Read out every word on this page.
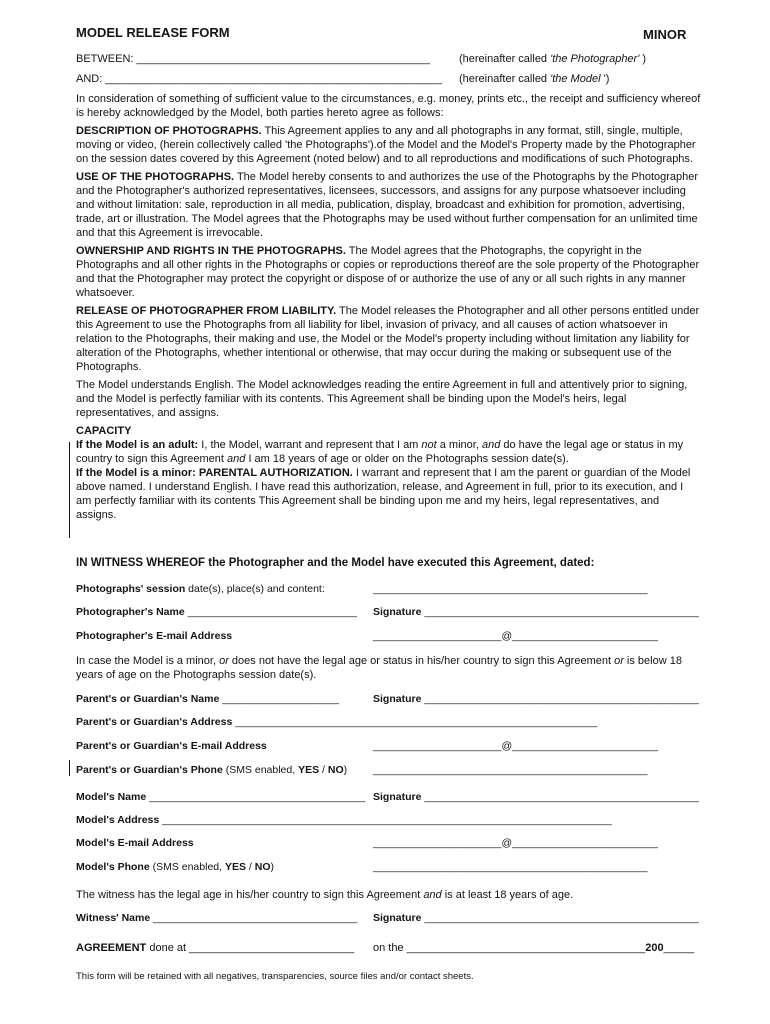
MODEL RELEASE FORM	MINOR
BETWEEN: ________________________________________________	(hereinafter called 'the Photographer' )
AND: _______________________________________________________ (hereinafter called 'the Model ')

In consideration of something of sufficient value to the circumstances, e.g. money, prints etc., the receipt and sufficiency whereof is hereby acknowledged by the Model, both parties hereto agree as follows:

DESCRIPTION OF PHOTOGRAPHS. This Agreement applies to any and all photographs in any format, still, single, multiple, moving or video, (herein collectively called 'the Photographs').of the Model and the Model's Property made by the Photographer on the session dates covered by this Agreement (noted below) and to all reproductions and modifications of such Photographs.

USE OF THE PHOTOGRAPHS. The Model hereby consents to and authorizes the use of the Photographs by the Photographer and the Photographer's authorized representatives, licensees, successors, and assigns for any purpose whatsoever including and without limitation: sale, reproduction in all media, publication, display, broadcast and exhibition for promotion, advertising, trade, art or illustration. The Model agrees that the Photographs may be used without further compensation for an unlimited time and that this Agreement is irrevocable.

OWNERSHIP AND RIGHTS IN THE PHOTOGRAPHS. The Model agrees that the Photographs, the copyright in the Photographs and all other rights in the Photographs or copies or reproductions thereof are the sole property of the Photographer and that the Photographer may protect the copyright or dispose of or authorize the use of any or all such rights in any manner whatsoever.

RELEASE OF PHOTOGRAPHER FROM LIABILITY. The Model releases the Photographer and all other persons entitled under this Agreement to use the Photographs from all liability for libel, invasion of privacy, and all causes of action whatsoever in relation to the Photographs, their making and use, the Model or the Model's property including without limitation any liability for alteration of the Photographs, whether intentional or otherwise, that may occur during the making or subsequent use of the Photographs.

The Model understands English. The Model acknowledges reading the entire Agreement in full and attentively prior to signing, and the Model is perfectly familiar with its contents. This Agreement shall be binding upon the Model's heirs, legal representatives, and assigns.

CAPACITY

If the Model is an adult: I, the Model, warrant and represent that I am not a minor, and do have the legal age or status in my country to sign this Agreement and I am 18 years of age or older on the Photographs session date(s).

If the Model is a minor: PARENTAL AUTHORIZATION. I warrant and represent that I am the parent or guardian of the Model above named. I understand English. I have read this authorization, release, and Agreement in full, prior to its execution, and I am perfectly familiar with its contents This Agreement shall be binding upon me and my heirs, legal representatives, and assigns.

IN WITNESS WHEREOF the Photographer and the Model have executed this Agreement, dated:
Photographs' session date(s), place(s) and content:	_______________________________________________
Photographer's Name _____________________________ Signature _______________________________________________
Photographer's E-mail Address	______________________@_________________________
In case the Model is a minor, or does not have the legal age or status in his/her country to sign this Agreement or is below 18 years of age on the Photographs session date(s).
Parent's or Guardian's Name ____________________	Signature _______________________________________________
Parent's or Guardian's Address ______________________________________________________________
Parent's or Guardian's E-mail Address	______________________@_________________________
Parent's or Guardian's Phone (SMS enabled, YES / NO) _______________________________________________
Model's Name _____________________________________ Signature _______________________________________________
Model's Address _____________________________________________________________________________
Model's E-mail Address	______________________@_________________________
Model's Phone (SMS enabled, YES / NO)	_______________________________________________
The witness has the legal age in his/her country to sign this Agreement and is at least 18 years of age.
Witness' Name ___________________________________ Signature _______________________________________________
AGREEMENT done at ___________________________ on the _______________________________________200_____
This form will be retained with all negatives, transparencies, source files and/or contact sheets.
